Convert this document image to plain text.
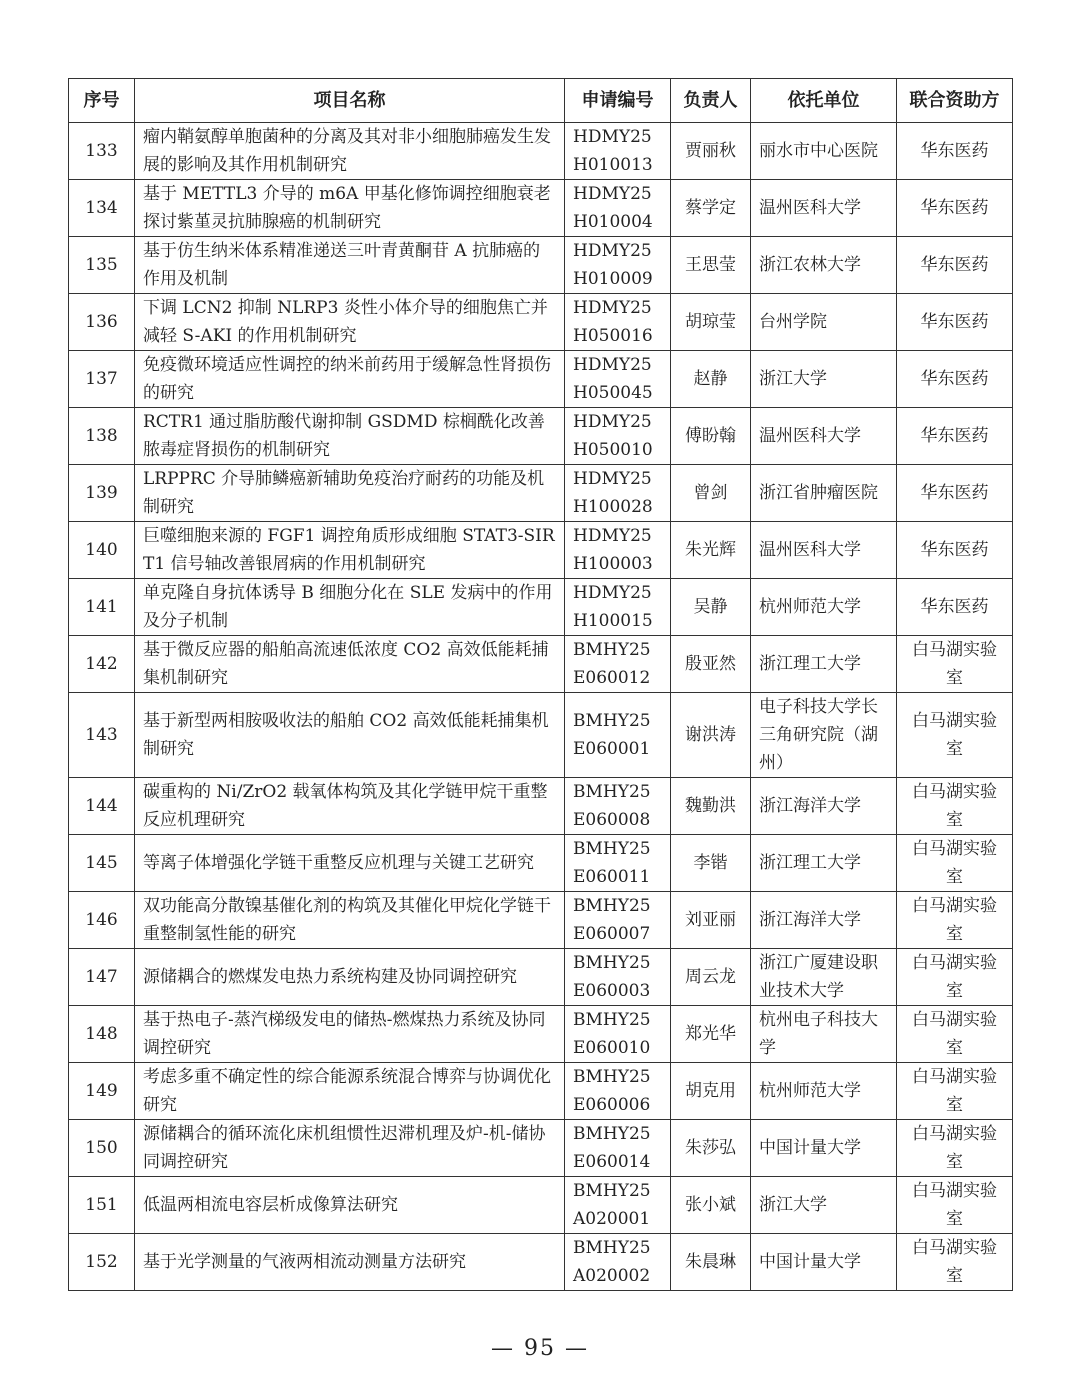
序号	项目名称	申请编号	负责人	依托单位	联合资助方
133	瘤内鞘氨醇单胞菌种的分离及其对非小细胞肺癌发生发展的影响及其作用机制研究	HDMY25H010013	贾丽秋	丽水市中心医院	华东医药
134	基于 METTL3 介导的 m6A 甲基化修饰调控细胞衰老探讨紫堇灵抗肺腺癌的机制研究	HDMY25H010004	蔡学定	温州医科大学	华东医药
135	基于仿生纳米体系精准递送三叶青黄酮苷 A 抗肺癌的作用及机制	HDMY25H010009	王思莹	浙江农林大学	华东医药
136	下调 LCN2 抑制 NLRP3 炎性小体介导的细胞焦亡并减轻 S-AKI 的作用机制研究	HDMY25H050016	胡琼莹	台州学院	华东医药
137	免疫微环境适应性调控的纳米前药用于缓解急性肾损伤的研究	HDMY25H050045	赵静	浙江大学	华东医药
138	RCTR1 通过脂肪酸代谢抑制 GSDMD 棕榈酰化改善脓毒症肾损伤的机制研究	HDMY25H050010	傅盼翰	温州医科大学	华东医药
139	LRPPRC 介导肺鳞癌新辅助免疫治疗耐药的功能及机制研究	HDMY25H100028	曾剑	浙江省肿瘤医院	华东医药
140	巨噬细胞来源的 FGF1 调控角质形成细胞 STAT3-SIRT1 信号轴改善银屑病的作用机制研究	HDMY25H100003	朱光辉	温州医科大学	华东医药
141	单克隆自身抗体诱导 B 细胞分化在 SLE 发病中的作用及分子机制	HDMY25H100015	吴静	杭州师范大学	华东医药
142	基于微反应器的船舶高流速低浓度 CO2 高效低能耗捕集机制研究	BMHY25E060012	殷亚然	浙江理工大学	白马湖实验室
143	基于新型两相胺吸收法的船舶 CO2 高效低能耗捕集机制研究	BMHY25E060001	谢洪涛	电子科技大学长三角研究院（湖州）	白马湖实验室
144	碳重构的 Ni/ZrO2 载氧体构筑及其化学链甲烷干重整反应机理研究	BMHY25E060008	魏勤洪	浙江海洋大学	白马湖实验室
145	等离子体增强化学链干重整反应机理与关键工艺研究	BMHY25E060011	李锴	浙江理工大学	白马湖实验室
146	双功能高分散镍基催化剂的构筑及其催化甲烷化学链干重整制氢性能的研究	BMHY25E060007	刘亚丽	浙江海洋大学	白马湖实验室
147	源储耦合的燃煤发电热力系统构建及协同调控研究	BMHY25E060003	周云龙	浙江广厦建设职业技术大学	白马湖实验室
148	基于热电子-蒸汽梯级发电的储热-燃煤热力系统及协同调控研究	BMHY25E060010	郑光华	杭州电子科技大学	白马湖实验室
149	考虑多重不确定性的综合能源系统混合博弈与协调优化研究	BMHY25E060006	胡克用	杭州师范大学	白马湖实验室
150	源储耦合的循环流化床机组惯性迟滞机理及炉-机-储协同调控研究	BMHY25E060014	朱莎弘	中国计量大学	白马湖实验室
151	低温两相流电容层析成像算法研究	BMHY25A020001	张小斌	浙江大学	白马湖实验室
152	基于光学测量的气液两相流动测量方法研究	BMHY25A020002	朱晨琳	中国计量大学	白马湖实验室
— 95 —
